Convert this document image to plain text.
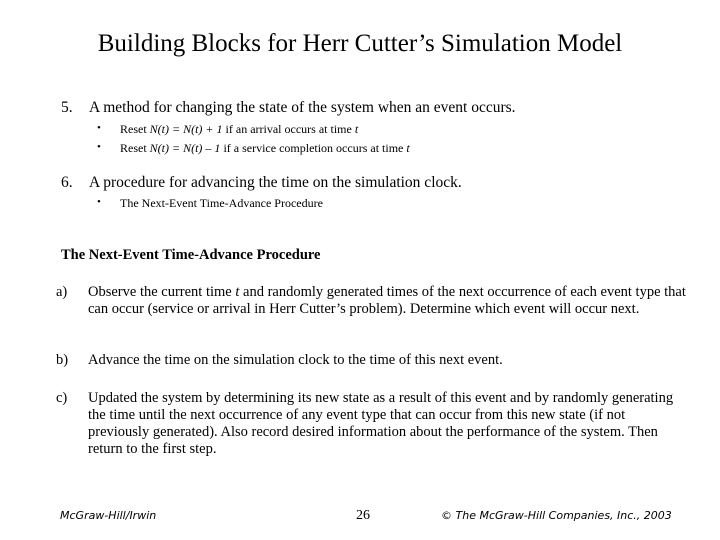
Building Blocks for Herr Cutter’s Simulation Model
5. A method for changing the state of the system when an event occurs.
• Reset N(t) = N(t) + 1 if an arrival occurs at time t
• Reset N(t) = N(t) – 1 if a service completion occurs at time t
6. A procedure for advancing the time on the simulation clock.
• The Next-Event Time-Advance Procedure
The Next-Event Time-Advance Procedure
a) Observe the current time t and randomly generated times of the next occurrence of each event type that can occur (service or arrival in Herr Cutter’s problem). Determine which event will occur next.
b) Advance the time on the simulation clock to the time of this next event.
c) Updated the system by determining its new state as a result of this event and by randomly generating the time until the next occurrence of any event type that can occur from this new state (if not previously generated). Also record desired information about the performance of the system. Then return to the first step.
McGraw-Hill/Irwin	26	© The McGraw-Hill Companies, Inc., 2003
